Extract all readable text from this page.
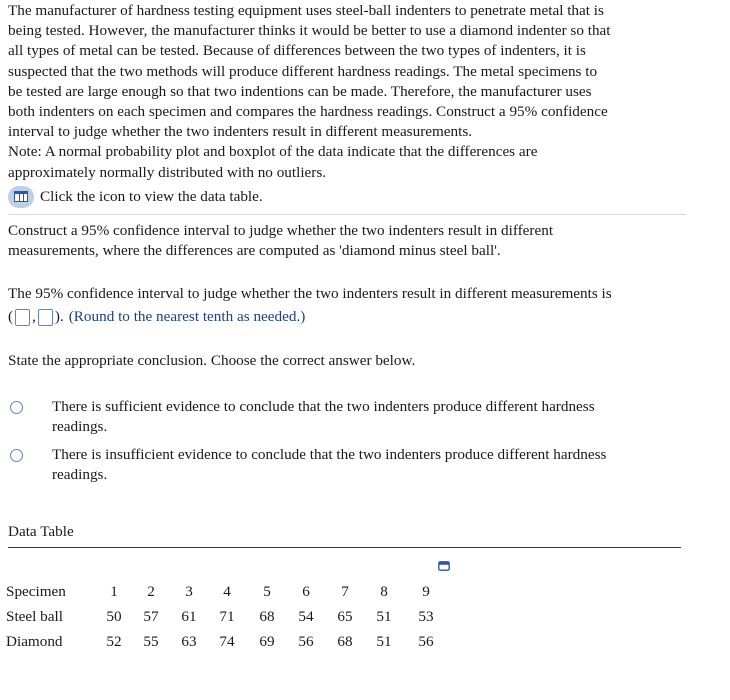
The manufacturer of hardness testing equipment uses steel-ball indenters to penetrate metal that is

being tested. However, the manufacturer thinks it would be better to use a diamond indenter so that

all types of metal can be tested. Because of differences between the two types of indenters, it is

suspected that the two methods will produce different hardness readings. The metal specimens to

be tested are large enough so that two indentions can be made. Therefore, the manufacturer uses

both indenters on each specimen and compares the hardness readings. Construct a 95% confidence

interval to judge whether the two indenters result in different measurements.

Note: A normal probability plot and boxplot of the data indicate that the differences are

approximately normally distributed with no outliers.

Click the icon to view the data table.
Construct a 95% confidence interval to judge whether the two indenters result in different
measurements, where the differences are computed as 'diamond minus steel ball'.

The 95% confidence interval to judge whether the two indenters result in different measurements is

( , ). (Round to the nearest tenth as needed.)

State the appropriate conclusion. Choose the correct answer below.

There is sufficient evidence to conclude that the two indenters produce different hardness
readings.
There is insufficient evidence to conclude that the two indenters produce different hardness
readings.

Data Table

Specimen	1	2	3	4	5	6	7	8	9
Steel ball	50	57	61	71	68	54	65	51	53
Diamond	52	55	63	74	69	56	68	51	56
